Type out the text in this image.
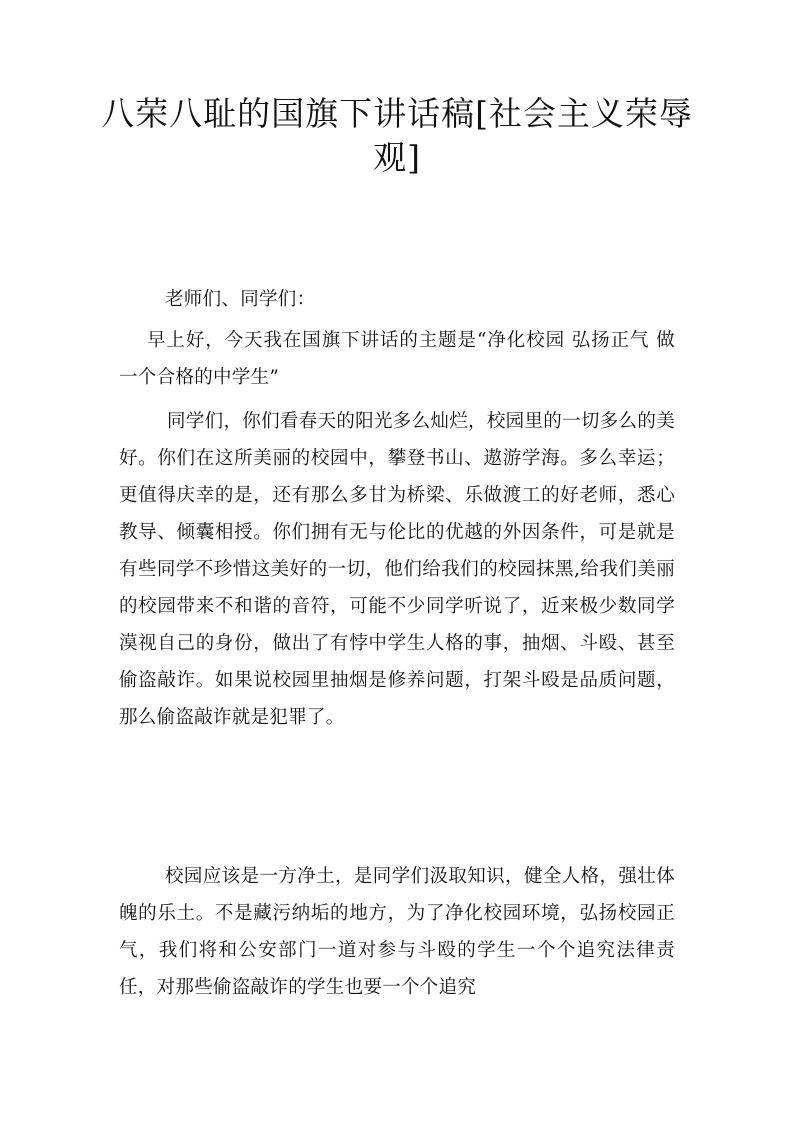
八荣八耻的国旗下讲话稿[社会主义荣辱观]

老师们、同学们：

早上好，今天我在国旗下讲话的主题是“净化校园 弘扬正气 做一个合格的中学生”

同学们，你们看春天的阳光多么灿烂，校园里的一切多么的美好。你们在这所美丽的校园中，攀登书山、遨游学海。多么幸运；更值得庆幸的是，还有那么多甘为桥梁、乐做渡工的好老师，悉心教导、倾囊相授。你们拥有无与伦比的优越的外因条件，可是就是有些同学不珍惜这美好的一切，他们给我们的校园抹黑,给我们美丽的校园带来不和谐的音符，可能不少同学听说了，近来极少数同学漠视自己的身份，做出了有悖中学生人格的事，抽烟、斗殴、甚至偷盗敲诈。如果说校园里抽烟是修养问题，打架斗殴是品质问题，那么偷盗敲诈就是犯罪了。

校园应该是一方净土，是同学们汲取知识，健全人格，强壮体魄的乐土。不是藏污纳垢的地方，为了净化校园环境，弘扬校园正气，我们将和公安部门一道对参与斗殴的学生一个个追究法律责任，对那些偷盗敲诈的学生也要一个个追究
